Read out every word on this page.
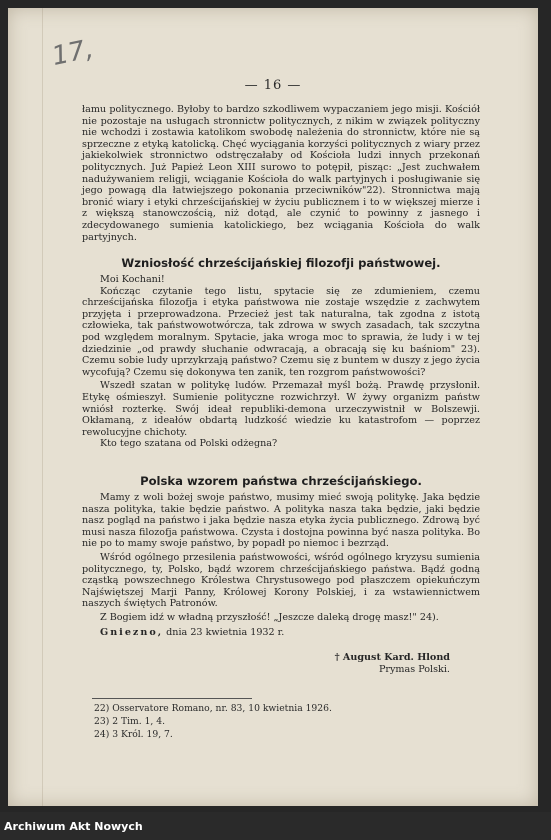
17,
— 16 —

łamu politycznego. Byłoby to bardzo szkodliwem wypaczaniem jego misji. Kościół nie pozostaje na usługach stronnictw politycznych, z nikim w związek polityczny nie wchodzi i zostawia katolikom swobodę należenia do stronnictw, które nie są sprzeczne z etyką katolicką. Chęć wyciągania korzyści politycznych z wiary przez jakiekolwiek stronnictwo odstręczałaby od Kościoła ludzi innych przekonań politycznych. Już Papież Leon XIII surowo to potępił, pisząc: „Jest zuchwałem nadużywaniem religji, wciąganie Kościoła do walk partyjnych i posługiwanie się jego powagą dla łatwiejszego pokonania przeciwników"22). Stronnictwa mają bronić wiary i etyki chrześcijańskiej w życiu publicznem i to w większej mierze i z większą stanowczością, niż dotąd, ale czynić to powinny z jasnego i zdecydowanego sumienia katolickiego, bez wciągania Kościoła do walk partyjnych.

Wzniosłość chrześcijańskiej filozofji państwowej.

Moi Kochani!

Kończąc czytanie tego listu, spytacie się ze zdumieniem, czemu chrześcijańska filozofja i etyka państwowa nie zostaje wszędzie z zachwytem przyjęta i przeprowadzona. Przecież jest tak naturalna, tak zgodna z istotą człowieka, tak państwowotwórcza, tak zdrowa w swych zasadach, tak szczytna pod względem moralnym. Spytacie, jaka wroga moc to sprawia, że ludy i w tej dziedzinie „od prawdy słuchanie odwracają, a obracają się ku baśniom" 23). Czemu sobie ludy uprzykrzają państwo? Czemu się z buntem w duszy z jego życia wycofują? Czemu się dokonywa ten zanik, ten rozgrom państwowości?

Wszedł szatan w politykę ludów. Przemazał myśl bożą. Prawdę przysłonił. Etykę ośmieszył. Sumienie polityczne rozwichrzył. W żywy organizm państw wniósł rozterkę. Swój ideał republiki-demona urzeczywistnił w Bolszewji. Okłamaną, z ideałów obdartą ludzkość wiedzie ku katastrofom — poprzez rewolucyjne chichoty.

Kto tego szatana od Polski odżegna?

Polska wzorem państwa chrześcijańskiego.

Mamy z woli bożej swoje państwo, musimy mieć swoją politykę. Jaka będzie nasza polityka, takie będzie państwo. A polityka nasza taka będzie, jaki będzie nasz pogląd na państwo i jaka będzie nasza etyka życia publicznego. Zdrową być musi nasza filozofja państwowa. Czysta i dostojna powinna być nasza polityka. Bo nie po to mamy swoje państwo, by popadł po niemoc i bezrząd.

Wśród ogólnego przesilenia państwowości, wśród ogólnego kryzysu sumienia politycznego, ty, Polsko, bądź wzorem chrześcijańskiego państwa. Bądź godną cząstką powszechnego Królestwa Chrystusowego pod płaszczem opiekuńczym Najświętszej Marji Panny, Królowej Korony Polskiej, i za wstawiennictwem naszych świętych Patronów.

Z Bogiem idź w władną przyszłość! „Jeszcze daleką drogę masz!" 24).

Gniezno, dnia 23 kwietnia 1932 r.

† August Kard. Hlond
Prymas Polski.
22) Osservatore Romano, nr. 83, 10 kwietnia 1926.
23) 2 Tim. 1, 4.
24) 3 Król. 19, 7.
Archiwum Akt Nowych
